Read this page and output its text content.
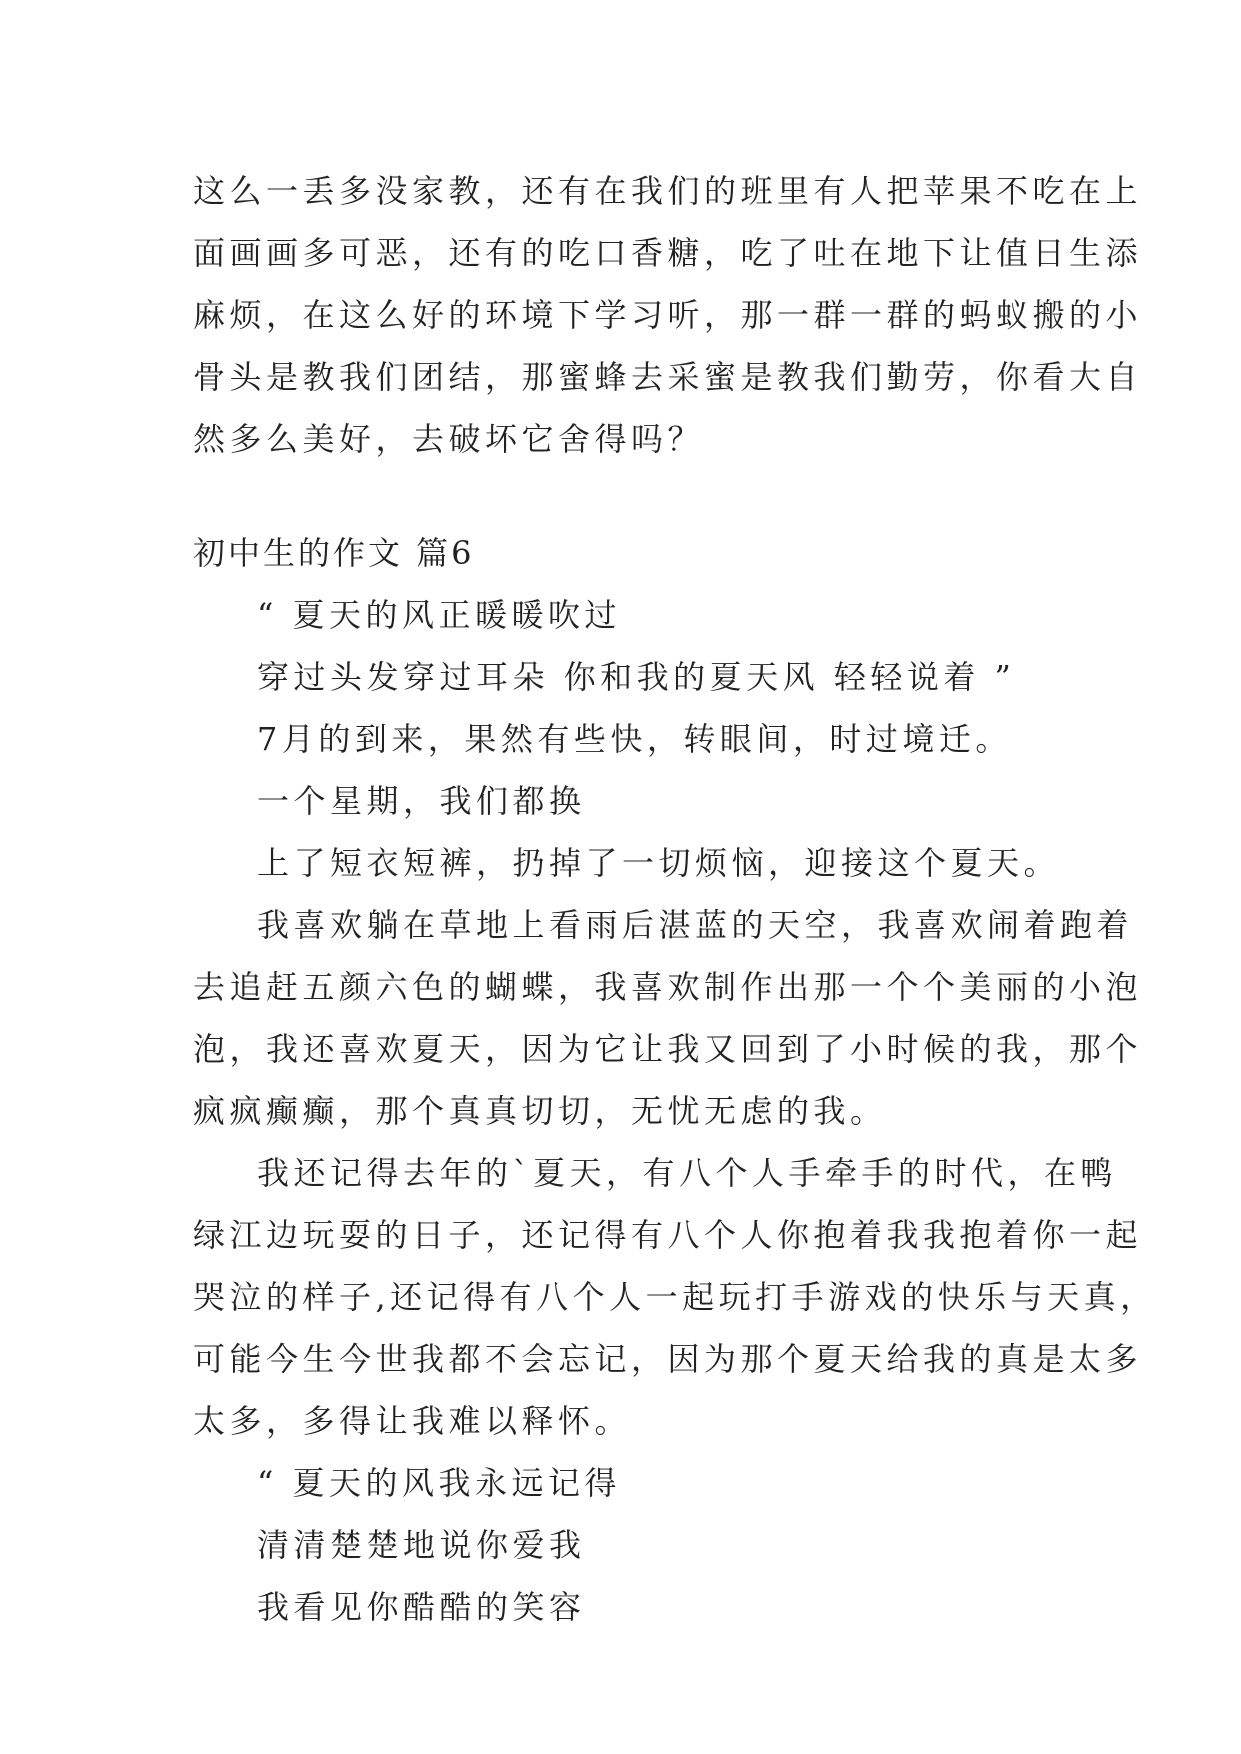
这么一丢多没家教，还有在我们的班里有人把苹果不吃在上
面画画多可恶，还有的吃口香糖，吃了吐在地下让值日生添
麻烦，在这么好的环境下学习听，那一群一群的蚂蚁搬的小
骨头是教我们团结，那蜜蜂去采蜜是教我们勤劳，你看大自
然多么美好，去破坏它舍得吗？
初中生的作文 篇6
“ 夏天的风正暖暖吹过
穿过头发穿过耳朵 你和我的夏天风 轻轻说着 ”
7月的到来，果然有些快，转眼间，时过境迁。
一个星期，我们都换
上了短衣短裤，扔掉了一切烦恼，迎接这个夏天。
我喜欢躺在草地上看雨后湛蓝的天空，我喜欢闹着跑着
去追赶五颜六色的蝴蝶，我喜欢制作出那一个个美丽的小泡
泡，我还喜欢夏天，因为它让我又回到了小时候的我，那个
疯疯癫癫，那个真真切切，无忧无虑的我。
我还记得去年的`夏天，有八个人手牵手的时代，在鸭
绿江边玩耍的日子，还记得有八个人你抱着我我抱着你一起
哭泣的样子,还记得有八个人一起玩打手游戏的快乐与天真，
可能今生今世我都不会忘记，因为那个夏天给我的真是太多
太多，多得让我难以释怀。
“ 夏天的风我永远记得
清清楚楚地说你爱我
我看见你酷酷的笑容
